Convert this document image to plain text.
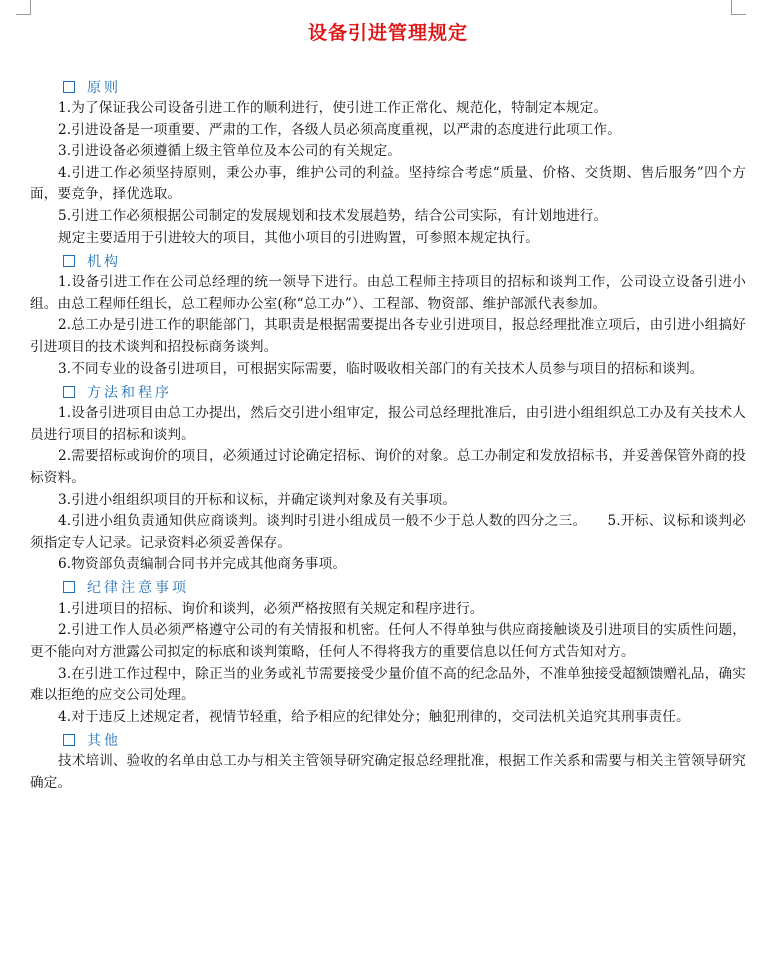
设备引进管理规定
原则

1.为了保证我公司设备引进工作的顺利进行，使引进工作正常化、规范化，特制定本规定。

2.引进设备是一项重要、严肃的工作，各级人员必须高度重视，以严肃的态度进行此项工作。

3.引进设备必须遵循上级主管单位及本公司的有关规定。

4.引进工作必须坚持原则，秉公办事，维护公司的利益。坚持综合考虑“质量、价格、交货期、售后服务”四个方面，要竞争，择优选取。

5.引进工作必须根据公司制定的发展规划和技术发展趋势，结合公司实际，有计划地进行。

规定主要适用于引进较大的项目，其他小项目的引进购置，可参照本规定执行。

机构

1.设备引进工作在公司总经理的统一领导下进行。由总工程师主持项目的招标和谈判工作，公司设立设备引进小组。由总工程师任组长，总工程师办公室(称“总工办”）、工程部、物资部、维护部派代表参加。

2.总工办是引进工作的职能部门，其职责是根据需要提出各专业引进项目，报总经理批准立项后，由引进小组搞好引进项目的技术谈判和招投标商务谈判。

3.不同专业的设备引进项目，可根据实际需要，临时吸收相关部门的有关技术人员参与项目的招标和谈判。

方法和程序

1.设备引进项目由总工办提出，然后交引进小组审定，报公司总经理批准后，由引进小组组织总工办及有关技术人员进行项目的招标和谈判。

2.需要招标或询价的项目，必须通过讨论确定招标、询价的对象。总工办制定和发放招标书，并妥善保管外商的投标资料。

3.引进小组组织项目的开标和议标，并确定谈判对象及有关事项。

4.引进小组负责通知供应商谈判。谈判时引进小组成员一般不少于总人数的四分之三。　　5.开标、议标和谈判必须指定专人记录。记录资料必须妥善保存。

6.物资部负责编制合同书并完成其他商务事项。

纪律注意事项

1.引进项目的招标、询价和谈判，必须严格按照有关规定和程序进行。

2.引进工作人员必须严格遵守公司的有关情报和机密。任何人不得单独与供应商接触谈及引进项目的实质性问题，更不能向对方泄露公司拟定的标底和谈判策略，任何人不得将我方的重要信息以任何方式告知对方。

3.在引进工作过程中，除正当的业务或礼节需要接受少量价值不高的纪念品外，不准单独接受超额馈赠礼品，确实难以拒绝的应交公司处理。

4.对于违反上述规定者，视情节轻重，给予相应的纪律处分；触犯刑律的，交司法机关追究其刑事责任。

其他

技术培训、验收的名单由总工办与相关主管领导研究确定报总经理批准，根据工作关系和需要与相关主管领导研究确定。
